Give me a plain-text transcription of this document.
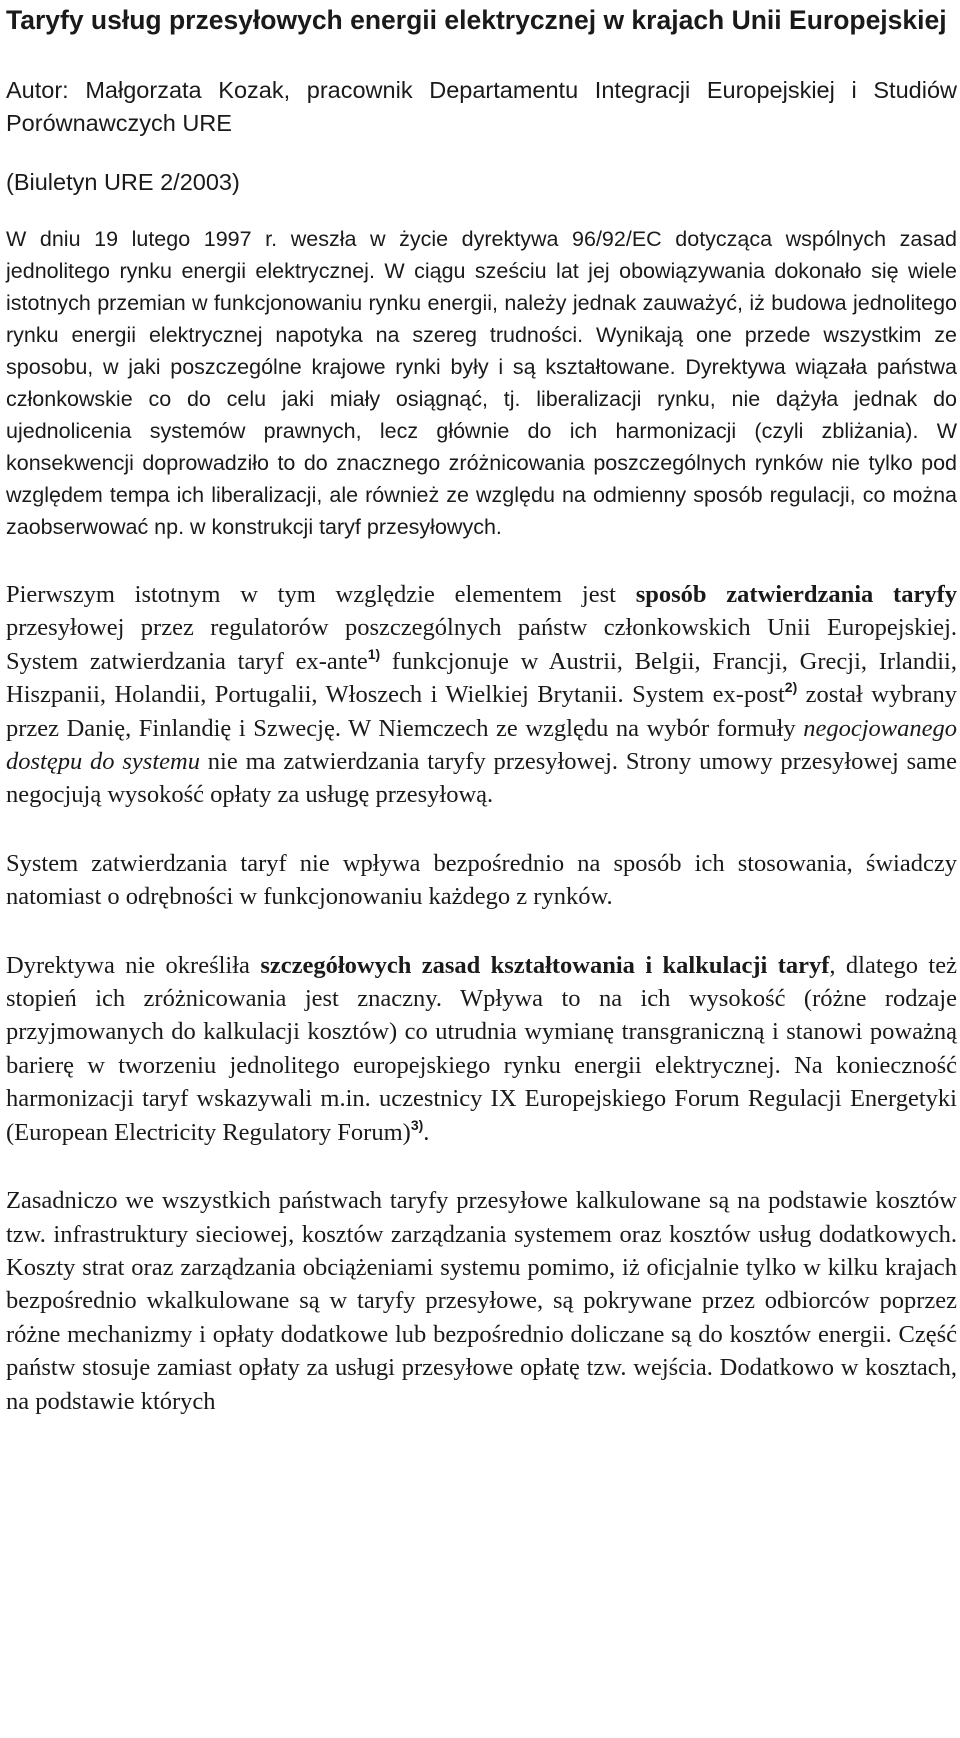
Taryfy usług przesyłowych energii elektrycznej w krajach Unii Europejskiej

Autor: Małgorzata Kozak, pracownik Departamentu Integracji Europejskiej i Studiów Porównawczych URE

(Biuletyn URE 2/2003)

W dniu 19 lutego 1997 r. weszła w życie dyrektywa 96/92/EC dotycząca wspólnych zasad jednolitego rynku energii elektrycznej. W ciągu sześciu lat jej obowiązywania dokonało się wiele istotnych przemian w funkcjonowaniu rynku energii, należy jednak zauważyć, iż budowa jednolitego rynku energii elektrycznej napotyka na szereg trudności. Wynikają one przede wszystkim ze sposobu, w jaki poszczególne krajowe rynki były i są kształtowane. Dyrektywa wiązała państwa członkowskie co do celu jaki miały osiągnąć, tj. liberalizacji rynku, nie dążyła jednak do ujednolicenia systemów prawnych, lecz głównie do ich harmonizacji (czyli zbliżania). W konsekwencji doprowadziło to do znacznego zróżnicowania poszczególnych rynków nie tylko pod względem tempa ich liberalizacji, ale również ze względu na odmienny sposób regulacji, co można zaobserwować np. w konstrukcji taryf przesyłowych.

Pierwszym istotnym w tym względzie elementem jest sposób zatwierdzania taryfy przesyłowej przez regulatorów poszczególnych państw członkowskich Unii Europejskiej. System zatwierdzania taryf ex-ante$^{1)}$ funkcjonuje w Austrii, Belgii, Francji, Grecji, Irlandii, Hiszpanii, Holandii, Portugalii, Włoszech i Wielkiej Brytanii. System ex-post$^{2)}$ został wybrany przez Danię, Finlandię i Szwecję. W Niemczech ze względu na wybór formuły negocjowanego dostępu do systemu nie ma zatwierdzania taryfy przesyłowej. Strony umowy przesyłowej same negocjują wysokość opłaty za usługę przesyłową.

System zatwierdzania taryf nie wpływa bezpośrednio na sposób ich stosowania, świadczy natomiast o odrębności w funkcjonowaniu każdego z rynków.

Dyrektywa nie określiła szczegółowych zasad kształtowania i kalkulacji taryf, dlatego też stopień ich zróżnicowania jest znaczny. Wpływa to na ich wysokość (różne rodzaje przyjmowanych do kalkulacji kosztów) co utrudnia wymianę transgraniczną i stanowi poważną barierę w tworzeniu jednolitego europejskiego rynku energii elektrycznej. Na konieczność harmonizacji taryf wskazywali m.in. uczestnicy IX Europejskiego Forum Regulacji Energetyki (European Electricity Regulatory Forum)$^{3)}$.

Zasadniczo we wszystkich państwach taryfy przesyłowe kalkulowane są na podstawie kosztów tzw. infrastruktury sieciowej, kosztów zarządzania systemem oraz kosztów usług dodatkowych. Koszty strat oraz zarządzania obciążeniami systemu pomimo, iż oficjalnie tylko w kilku krajach bezpośrednio wkalkulowane są w taryfy przesyłowe, są pokrywane przez odbiorców poprzez różne mechanizmy i opłaty dodatkowe lub bezpośrednio doliczane są do kosztów energii. Część państw stosuje zamiast opłaty za usługi przesyłowe opłatę tzw. wejścia. Dodatkowo w kosztach, na podstawie których
